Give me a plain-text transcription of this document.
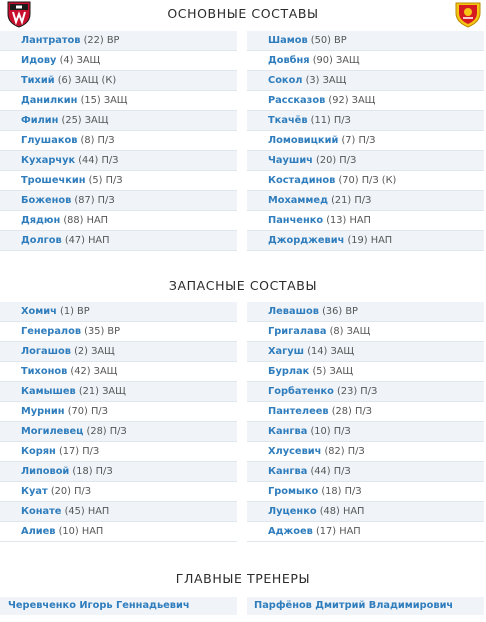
ОСНОВНЫЕ СОСТАВЫ
Лантратов (22) ВР
Идову (4) ЗАЩ
Тихий (6) ЗАЩ (К)
Данилкин (15) ЗАЩ
Филин (25) ЗАЩ
Глушаков (8) П/З
Кухарчук (44) П/З
Трошечкин (5) П/З
Боженов (87) П/З
Дядюн (88) НАП
Долгов (47) НАП
Шамов (50) ВР
Довбня (90) ЗАЩ
Сокол (3) ЗАЩ
Рассказов (92) ЗАЩ
Ткачёв (11) П/З
Ломовицкий (7) П/З
Чаушич (20) П/З
Костадинов (70) П/З (К)
Мохаммед (21) П/З
Панченко (13) НАП
Джорджевич (19) НАП
ЗАПАСНЫЕ СОСТАВЫ
Хомич (1) ВР
Генералов (35) ВР
Логашов (2) ЗАЩ
Тихонов (42) ЗАЩ
Камышев (21) ЗАЩ
Мурнин (70) П/З
Могилевец (28) П/З
Корян (17) П/З
Липовой (18) П/З
Куат (20) П/З
Конате (45) НАП
Алиев (10) НАП
Левашов (36) ВР
Григалава (8) ЗАЩ
Хагуш (14) ЗАЩ
Бурлак (5) ЗАЩ
Горбатенко (23) П/З
Пантелеев (28) П/З
Кангва (10) П/З
Хлусевич (82) П/З
Кангва (44) П/З
Громыко (18) П/З
Луценко (48) НАП
Аджоев (17) НАП
ГЛАВНЫЕ ТРЕНЕРЫ
Черевченко Игорь Геннадьевич	Парфёнов Дмитрий Владимирович
